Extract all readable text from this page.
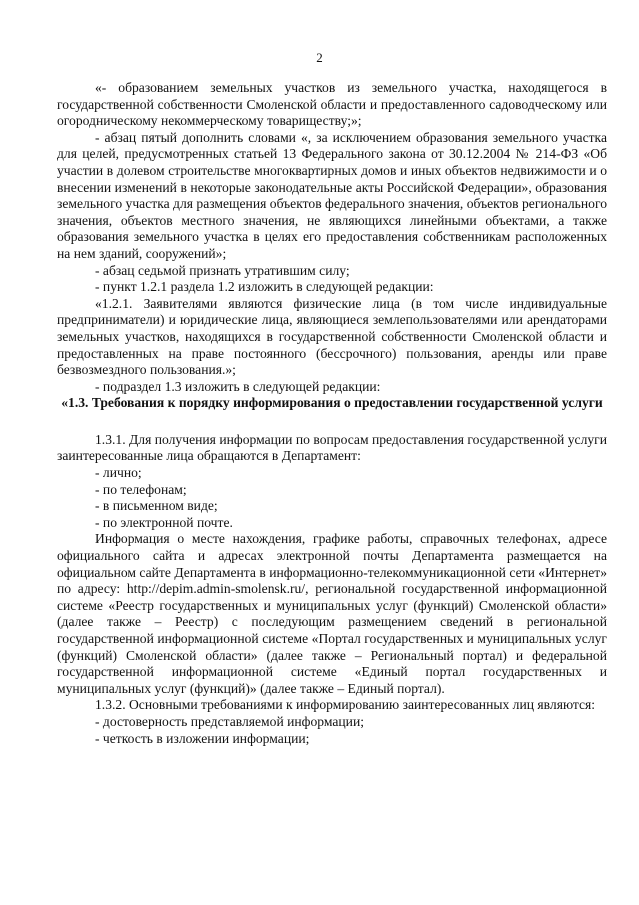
2

«- образованием земельных участков из земельного участка, находящегося в государственной собственности Смоленской области и предоставленного садоводческому или огородническому некоммерческому товариществу;»;

- абзац пятый дополнить словами «, за исключением образования земельного участка для целей, предусмотренных статьей 13 Федерального закона от 30.12.2004 № 214-ФЗ «Об участии в долевом строительстве многоквартирных домов и иных объектов недвижимости и о внесении изменений в некоторые законодательные акты Российской Федерации», образования земельного участка для размещения объектов федерального значения, объектов регионального значения, объектов местного значения, не являющихся линейными объектами, а также образования земельного участка в целях его предоставления собственникам расположенных на нем зданий, сооружений»;

- абзац седьмой признать утратившим силу;

- пункт 1.2.1 раздела 1.2 изложить в следующей редакции:

«1.2.1. Заявителями являются физические лица (в том числе индивидуальные предприниматели) и юридические лица, являющиеся землепользователями или арендаторами земельных участков, находящихся в государственной собственности Смоленской области и предоставленных на праве постоянного (бессрочного) пользования, аренды или праве безвозмездного пользования.»;

- подраздел 1.3 изложить в следующей редакции:

«1.3. Требования к порядку информирования о предоставлении государственной услуги

1.3.1. Для получения информации по вопросам предоставления государственной услуги заинтересованные лица обращаются в Департамент:

- лично;

- по телефонам;

- в письменном виде;

- по электронной почте.

Информация о месте нахождения, графике работы, справочных телефонах, адресе официального сайта и адресах электронной почты Департамента размещается на официальном сайте Департамента в информационно-телекоммуникационной сети «Интернет» по адресу: http://depim.admin-smolensk.ru/, региональной государственной информационной системе «Реестр государственных и муниципальных услуг (функций) Смоленской области» (далее также – Реестр) с последующим размещением сведений в региональной государственной информационной системе «Портал государственных и муниципальных услуг (функций) Смоленской области» (далее также – Региональный портал) и федеральной государственной информационной системе «Единый портал государственных и муниципальных услуг (функций)» (далее также – Единый портал).

1.3.2. Основными требованиями к информированию заинтересованных лиц являются:

- достоверность представляемой информации;

- четкость в изложении информации;
